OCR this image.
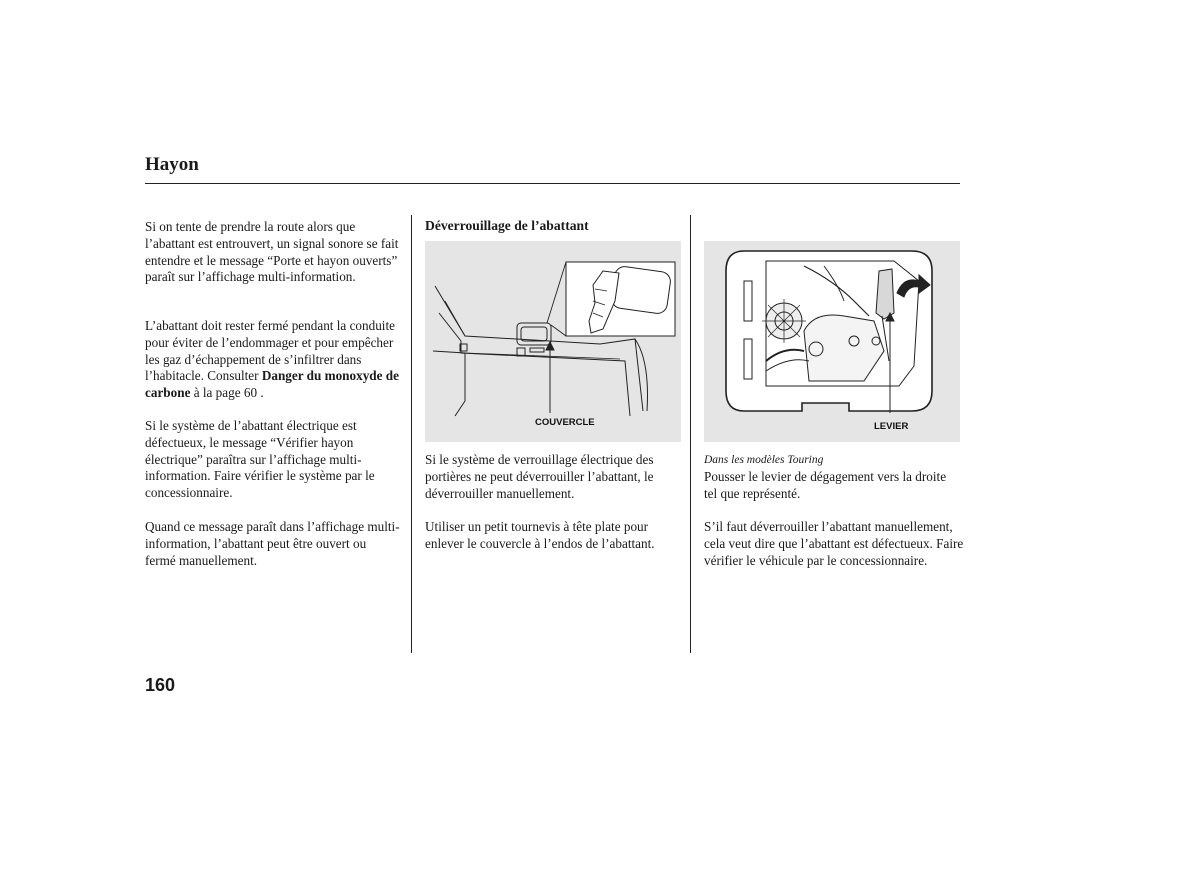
Hayon

Si on tente de prendre la route alors que l’abattant est entrouvert, un signal sonore se fait entendre et le message “Porte et hayon ouverts” paraît sur l’affichage multi-information.

L’abattant doit rester fermé pendant la conduite pour éviter de l’endommager et pour empêcher les gaz d’échappement de s’infiltrer dans l’habitacle. Consulter Danger du monoxyde de carbone à la page 60 .

Si le système de l’abattant électrique est défectueux, le message “Vérifier hayon électrique” paraîtra sur l’affichage multi-information. Faire vérifier le système par le concessionnaire.

Quand ce message paraît dans l’affichage multi-information, l’abattant peut être ouvert ou fermé manuellement.

Déverrouillage de l’abattant
COUVERCLE

Si le système de verrouillage électrique des portières ne peut déverrouiller l’abattant, le déverrouiller manuellement.

Utiliser un petit tournevis à tête plate pour enlever le couvercle à l’endos de l’abattant.

LEVIER

Dans les modèles Touring

Pousser le levier de dégagement vers la droite tel que représenté.

S’il faut déverrouiller l’abattant manuellement, cela veut dire que l’abattant est défectueux. Faire vérifier le véhicule par le concessionnaire.

160
